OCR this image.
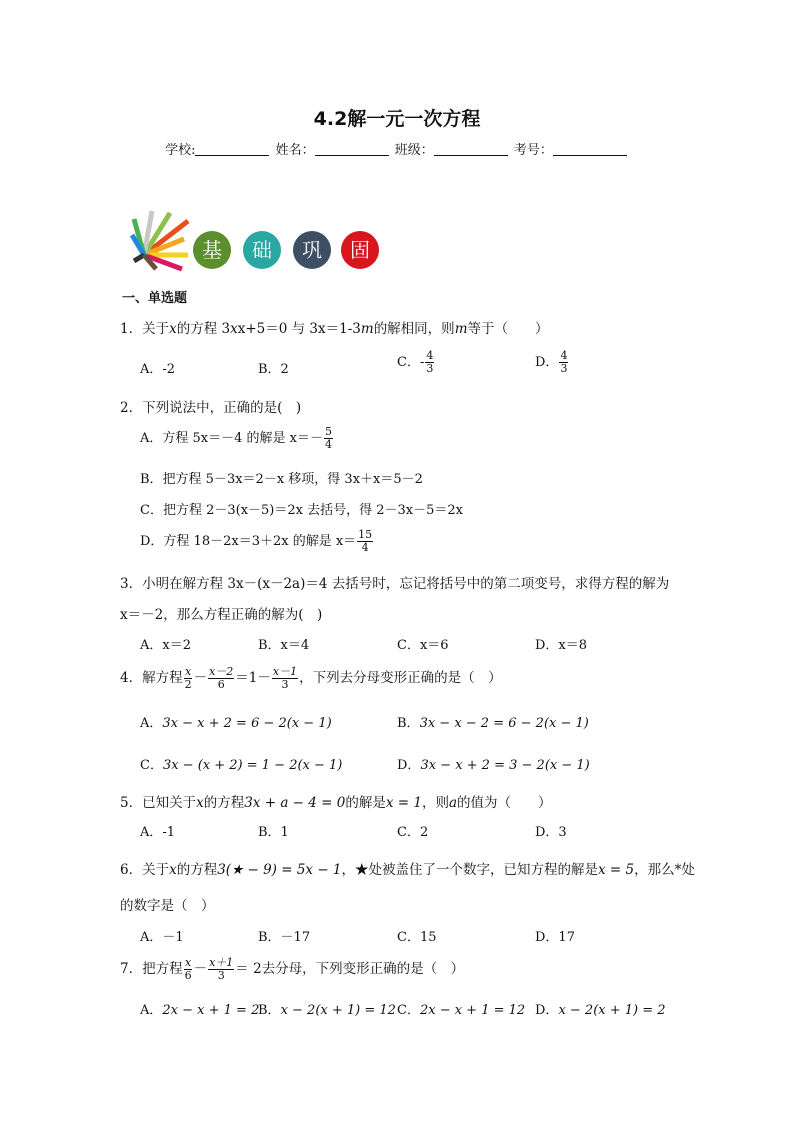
4.2解一元一次方程
学校:	姓名：	班级：	考号：
基	础	巩	固
一、单选题
1．关于x的方程 3xx+5＝0 与 3x＝1-3m的解相同，则m等于（　　）
A．-2	B．2	C．- $\frac{4}{3}$	D． $\frac{4}{3}$
2．下列说法中，正确的是(　)
A．方程 5x＝－4 的解是 $x=- \frac{5}{4}$
B．把方程 5－3x＝2－x 移项，得 3x＋x＝5－2
C．把方程 2－3(x－5)＝2x 去括号，得 2－3x－5＝2x
D．方程 18－2x＝3＋2x 的解是 $x= \frac{15}{4}$
3．小明在解方程 3x－(x－2a)＝4 去括号时，忘记将括号中的第二项变号，求得方程的解为
x＝－2，那么方程正确的解为(　)
A．x＝2	B．x＝4	C．x＝6	D．x＝8
4．解方程 $\frac{x}{2} - \frac{x-2}{6} =1- \frac{x-1}{3}$ ，下列去分母变形正确的是（　）
A．3x − x + 2 = 6 − 2(x − 1)	B．3x − x − 2 = 6 − 2(x − 1)
C．3x − (x + 2) = 1 − 2(x − 1)	D．3x − x + 2 = 3 − 2(x − 1)
5．已知关于x的方程3x + a − 4 = 0的解是x = 1，则a的值为（　　）
A．-1	B．1	C．2	D．3
6．关于x的方程3(★ − 9) = 5x − 1，★处被盖住了一个数字，已知方程的解是x = 5，那么*处
的数字是（　）
A．－1	B．－17	C．15	D．17
7．把方程 $\frac{x}{6} - \frac{x+1}{3} = 2$去分母，下列变形正确的是（　）
A．2x − x + 1 = 2
B．x − 2(x + 1) = 12 C．2x − x + 1 = 12 D．x − 2(x + 1) = 2
